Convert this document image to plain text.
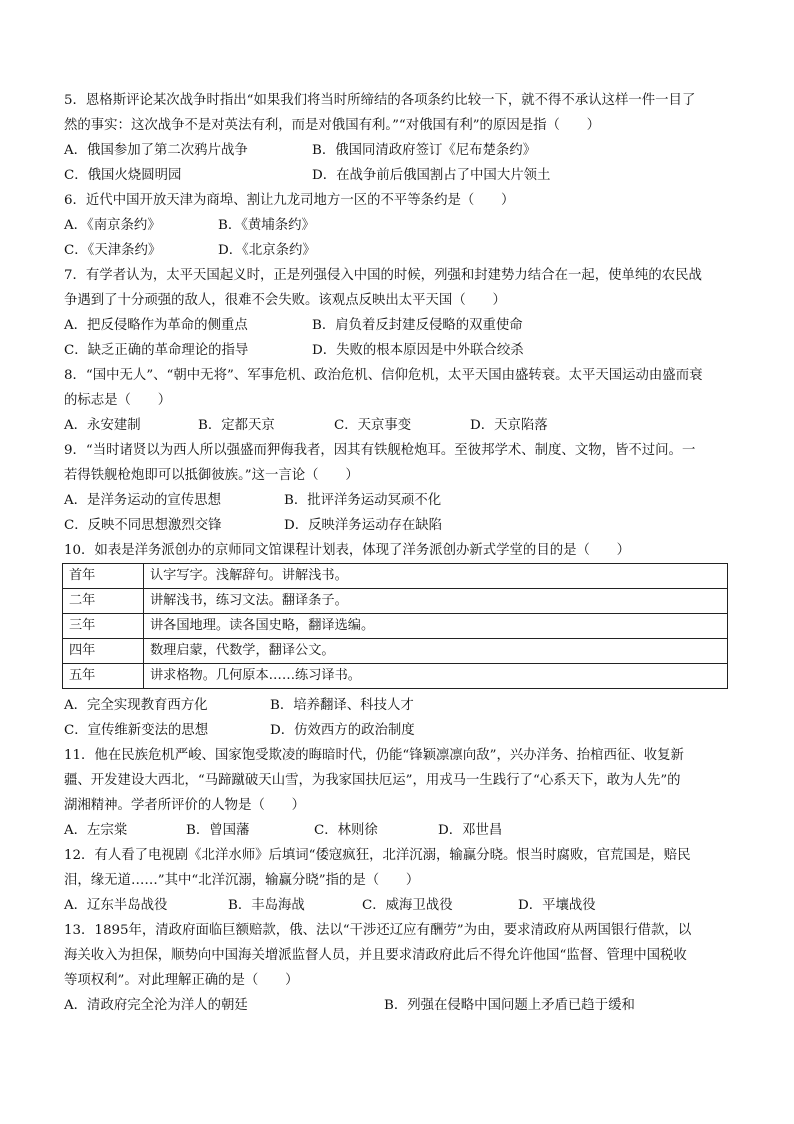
5．恩格斯评论某次战争时指出“如果我们将当时所缔结的各项条约比较一下，就不得不承认这样一件一目了
然的事实：这次战争不是对英法有利，而是对俄国有利。”“对俄国有利”的原因是指（　　）
A．俄国参加了第二次鸦片战争	B．俄国同清政府签订《尼布楚条约》
C．俄国火烧圆明园	D．在战争前后俄国割占了中国大片领土
6．近代中国开放天津为商埠、割让九龙司地方一区的不平等条约是（　　）
A．《南京条约》	B．《黄埔条约》
C．《天津条约》	D．《北京条约》
7．有学者认为，太平天国起义时，正是列强侵入中国的时候，列强和封建势力结合在一起，使单纯的农民战
争遇到了十分顽强的敌人，很难不会失败。该观点反映出太平天国（　　）
A．把反侵略作为革命的侧重点	B．肩负着反封建反侵略的双重使命
C．缺乏正确的革命理论的指导	D．失败的根本原因是中外联合绞杀
8．“国中无人”、“朝中无将”、军事危机、政治危机、信仰危机，太平天国由盛转衰。太平天国运动由盛而衰
的标志是（　　）
A．永安建制	B．定都天京	C．天京事变	D．天京陷落
9．“当时诸贤以为西人所以强盛而狎侮我者，因其有铁舰枪炮耳。至彼邦学术、制度、文物，皆不过问。一
若得铁舰枪炮即可以抵御彼族。”这一言论（　　）
A．是洋务运动的宣传思想	B．批评洋务运动冥顽不化
C．反映不同思想激烈交锋	D．反映洋务运动存在缺陷
10．如表是洋务派创办的京师同文馆课程计划表，体现了洋务派创办新式学堂的目的是（　　）
首年	认字写字。浅解辞句。讲解浅书。
二年	讲解浅书，练习文法。翻译条子。
三年	讲各国地理。读各国史略，翻译选编。
四年	数理启蒙，代数学，翻译公文。
五年	讲求格物。几何原本……练习译书。
A．完全实现教育西方化	B．培养翻译、科技人才
C．宣传维新变法的思想	D．仿效西方的政治制度
11．他在民族危机严峻、国家饱受欺凌的晦暗时代，仍能“锋颖凛凛向敌”，兴办洋务、抬棺西征、收复新
疆、开发建设大西北，“马蹄蹴破天山雪，为我家国扶厄运”，用戎马一生践行了“心系天下，敢为人先”的
湖湘精神。学者所评价的人物是（　　）
A．左宗棠	B．曾国藩	C．林则徐	D．邓世昌
12．有人看了电视剧《北洋水师》后填词“倭寇疯狂，北洋沉溺，输赢分晓。恨当时腐败，官荒国是，赔民
泪，缘无道……”其中“北洋沉溺，输赢分晓”指的是（　　）
A．辽东半岛战役	B．丰岛海战	C．威海卫战役	D．平壤战役
13．1895年，清政府面临巨额赔款，俄、法以“干涉还辽应有酬劳”为由，要求清政府从两国银行借款，以
海关收入为担保，顺势向中国海关增派监督人员，并且要求清政府此后不得允许他国“监督、管理中国税收
等项权利”。对此理解正确的是（　　）
A．清政府完全沦为洋人的朝廷	B．列强在侵略中国问题上矛盾已趋于缓和
